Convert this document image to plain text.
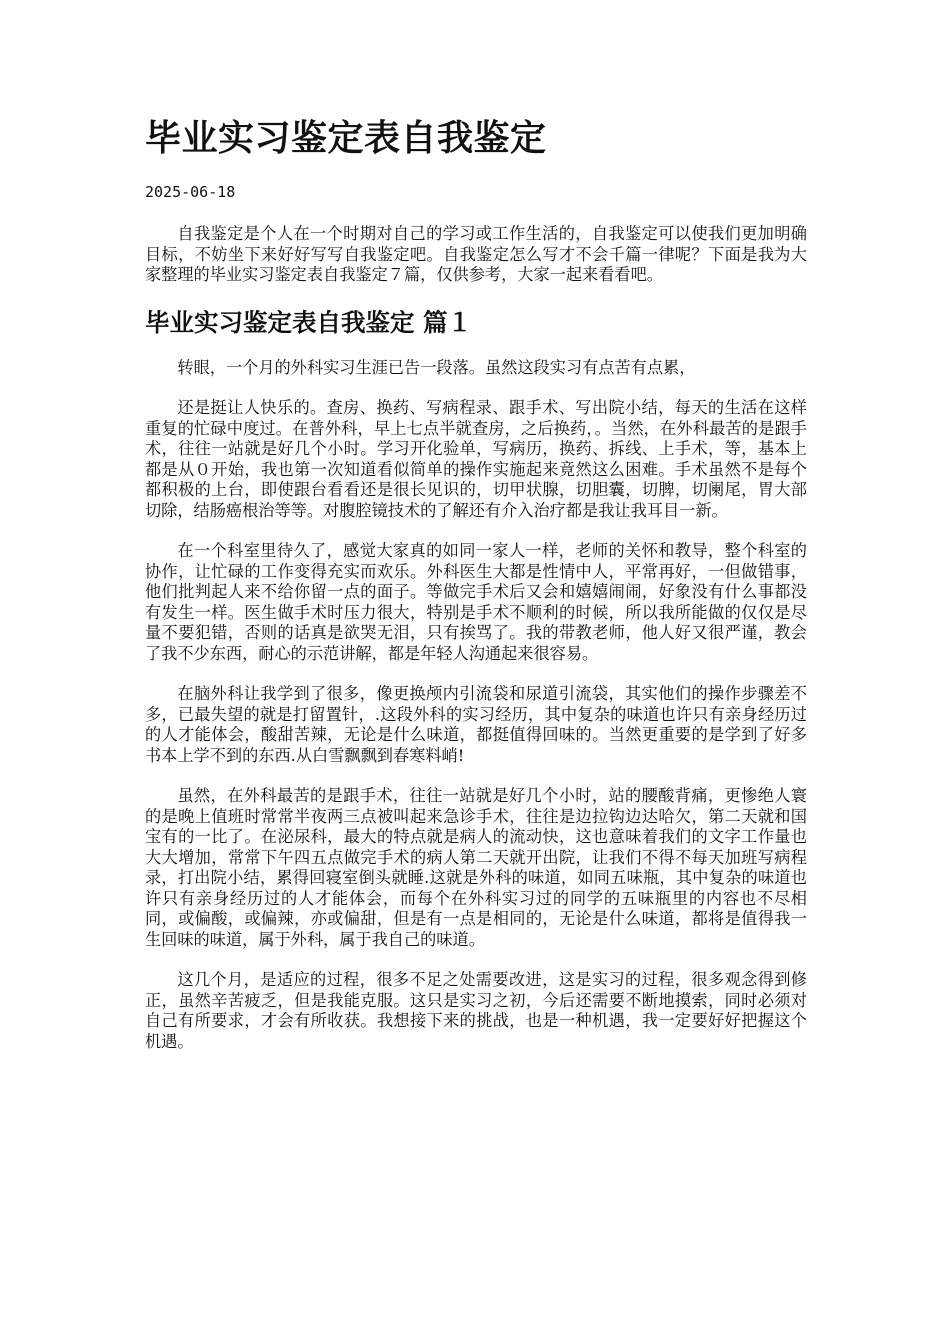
毕业实习鉴定表自我鉴定
2025-06-18

自我鉴定是个人在一个时期对自己的学习或工作生活的，自我鉴定可以使我们更加明确目标，不妨坐下来好好写写自我鉴定吧。自我鉴定怎么写才不会千篇一律呢？下面是我为大家整理的毕业实习鉴定表自我鉴定７篇，仅供参考，大家一起来看看吧。

毕业实习鉴定表自我鉴定 篇１

转眼，一个月的外科实习生涯已告一段落。虽然这段实习有点苦有点累，

还是挺让人快乐的。查房、换药、写病程录、跟手术、写出院小结，每天的生活在这样重复的忙碌中度过。在普外科，早上七点半就查房，之后换药，。当然，在外科最苦的是跟手术，往往一站就是好几个小时。学习开化验单，写病历，换药、拆线、上手术，等，基本上都是从０开始，我也第一次知道看似简单的操作实施起来竟然这么困难。手术虽然不是每个都积极的上台，即使跟台看看还是很长见识的，切甲状腺，切胆囊，切脾，切阑尾，胃大部切除，结肠癌根治等等。对腹腔镜技术的了解还有介入治疗都是我让我耳目一新。

在一个科室里待久了，感觉大家真的如同一家人一样，老师的关怀和教导，整个科室的协作，让忙碌的工作变得充实而欢乐。外科医生大都是性情中人，平常再好，一但做错事，他们批判起人来不给你留一点的面子。等做完手术后又会和嬉嬉闹闹，好象没有什么事都没有发生一样。医生做手术时压力很大，特别是手术不顺利的时候，所以我所能做的仅仅是尽量不要犯错，否则的话真是欲哭无泪，只有挨骂了。我的带教老师，他人好又很严谨，教会了我不少东西，耐心的示范讲解，都是年轻人沟通起来很容易。

在脑外科让我学到了很多，像更换颅内引流袋和尿道引流袋，其实他们的操作步骤差不多，已最失望的就是打留置针，.这段外科的实习经历，其中复杂的味道也许只有亲身经历过的人才能体会，酸甜苦辣，无论是什么味道，都挺值得回味的。当然更重要的是学到了好多书本上学不到的东西.从白雪飘飘到春寒料峭!

虽然，在外科最苦的是跟手术，往往一站就是好几个小时，站的腰酸背痛，更惨绝人寰的是晚上值班时常常半夜两三点被叫起来急诊手术，往往是边拉钩边达哈欠，第二天就和国宝有的一比了。在泌尿科，最大的特点就是病人的流动快，这也意味着我们的文字工作量也大大增加，常常下午四五点做完手术的病人第二天就开出院，让我们不得不每天加班写病程录，打出院小结，累得回寝室倒头就睡.这就是外科的味道，如同五味瓶，其中复杂的味道也许只有亲身经历过的人才能体会，而每个在外科实习过的同学的五味瓶里的内容也不尽相同，或偏酸，或偏辣，亦或偏甜，但是有一点是相同的，无论是什么味道，都将是值得我一生回味的味道，属于外科，属于我自己的味道。

这几个月，是适应的过程，很多不足之处需要改进，这是实习的过程，很多观念得到修正，虽然辛苦疲乏，但是我能克服。这只是实习之初，今后还需要不断地摸索，同时必须对自己有所要求，才会有所收获。我想接下来的挑战，也是一种机遇，我一定要好好把握这个机遇。
